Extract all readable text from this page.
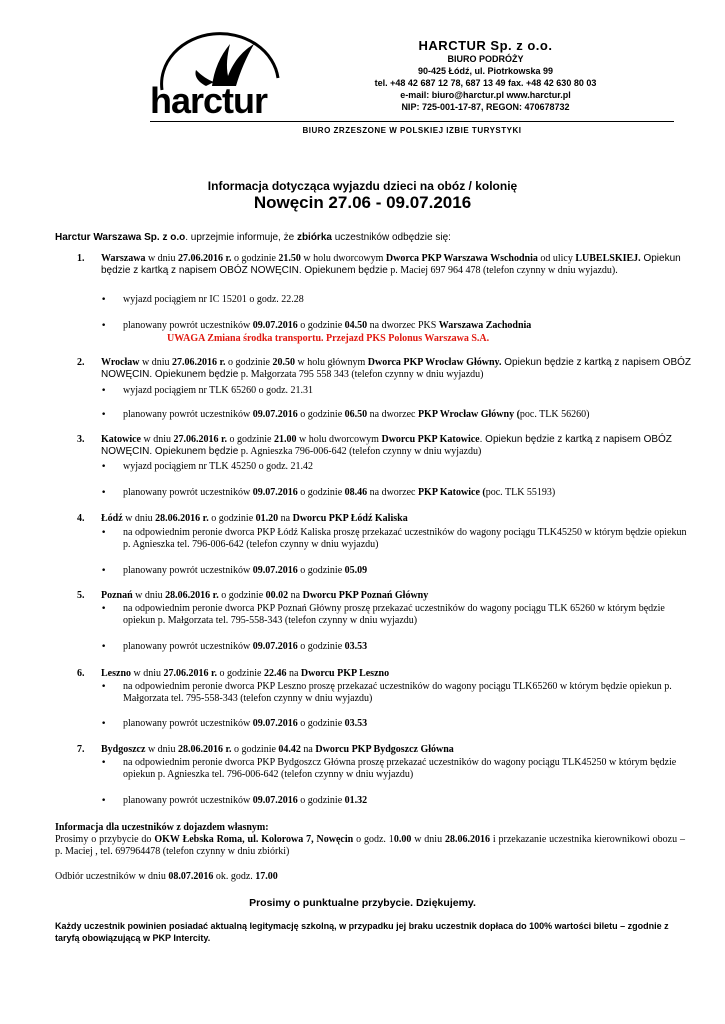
harctur
HARCTUR Sp. z o.o.
BIURO PODRÓŻY
90-425 Łódź, ul. Piotrkowska 99
tel. +48 42 687 12 78, 687 13 49 fax. +48 42 630 80 03
e-mail: biuro@harctur.pl www.harctur.pl
NIP: 725-001-17-87, REGON: 470678732
BIURO ZRZESZONE W POLSKIEJ IZBIE TURYSTYKI
Informacja dotycząca wyjazdu dzieci na obóz / kolonię
Nowęcin 27.06 - 09.07.2016
Harctur Warszawa Sp. z o.o. uprzejmie informuje, że zbiórka uczestników odbędzie się:
1. Warszawa w dniu 27.06.2016 r. o godzinie 21.50 w holu dworcowym Dworca PKP Warszawa Wschodnia od ulicy LUBELSKIEJ. Opiekun będzie z kartką z napisem OBÓZ NOWĘCIN. Opiekunem będzie p. Maciej 697 964 478 (telefon czynny w dniu wyjazdu).
• wyjazd pociągiem nr IC 15201 o godz. 22.28
• planowany powrót uczestników 09.07.2016 o godzinie 04.50 na dworzec PKS Warszawa Zachodnia
UWAGA Zmiana środka transportu. Przejazd PKS Polonus Warszawa S.A.
2. Wrocław w dniu 27.06.2016 r. o godzinie 20.50 w holu głównym Dworca PKP Wrocław Główny. Opiekun będzie z kartką z napisem OBÓZ NOWĘCIN. Opiekunem będzie p. Małgorzata 795 558 343 (telefon czynny w dniu wyjazdu)
• wyjazd pociągiem nr TLK 65260 o godz. 21.31
• planowany powrót uczestników 09.07.2016 o godzinie 06.50 na dworzec PKP Wrocław Główny (poc. TLK 56260)
3. Katowice w dniu 27.06.2016 r. o godzinie 21.00 w holu dworcowym Dworcu PKP Katowice. Opiekun będzie z kartką z napisem OBÓZ NOWĘCIN. Opiekunem będzie p. Agnieszka 796-006-642 (telefon czynny w dniu wyjazdu)
• wyjazd pociągiem nr TLK 45250 o godz. 21.42
• planowany powrót uczestników 09.07.2016 o godzinie 08.46 na dworzec PKP Katowice (poc. TLK 55193)
4. Łódź w dniu 28.06.2016 r. o godzinie 01.20 na Dworcu PKP Łódź Kaliska
• na odpowiednim peronie dworca PKP Łódź Kaliska proszę przekazać uczestników do wagony pociągu TLK45250 w którym będzie opiekun p. Agnieszka tel. 796-006-642 (telefon czynny w dniu wyjazdu)
• planowany powrót uczestników 09.07.2016 o godzinie 05.09
5. Poznań w dniu 28.06.2016 r. o godzinie 00.02 na Dworcu PKP Poznań Główny
• na odpowiednim peronie dworca PKP Poznań Główny proszę przekazać uczestników do wagony pociągu TLK 65260 w którym będzie opiekun p. Małgorzata tel. 795-558-343 (telefon czynny w dniu wyjazdu)
• planowany powrót uczestników 09.07.2016 o godzinie 03.53
6. Leszno w dniu 27.06.2016 r. o godzinie 22.46 na Dworcu PKP Leszno
• na odpowiednim peronie dworca PKP Leszno proszę przekazać uczestników do wagony pociągu TLK65260 w którym będzie opiekun p. Małgorzata tel. 795-558-343 (telefon czynny w dniu wyjazdu)
• planowany powrót uczestników 09.07.2016 o godzinie 03.53
7. Bydgoszcz w dniu 28.06.2016 r. o godzinie 04.42 na Dworcu PKP Bydgoszcz Główna
• na odpowiednim peronie dworca PKP Bydgoszcz Główna proszę przekazać uczestników do wagony pociągu TLK45250 w którym będzie opiekun p. Agnieszka tel. 796-006-642 (telefon czynny w dniu wyjazdu)
• planowany powrót uczestników 09.07.2016 o godzinie 01.32
Informacja dla uczestników z dojazdem własnym:
Prosimy o przybycie do OKW Łebska Roma, ul. Kolorowa 7, Nowęcin o godz. 10.00 w dniu 28.06.2016 i przekazanie uczestnika kierownikowi obozu – p. Maciej , tel. 697964478 (telefon czynny w dniu zbiórki)
Odbiór uczestników w dniu 08.07.2016 ok. godz. 17.00
Prosimy o punktualne przybycie. Dziękujemy.
Każdy uczestnik powinien posiadać aktualną legitymację szkolną, w przypadku jej braku uczestnik dopłaca do 100% wartości biletu – zgodnie z taryfą obowiązującą w PKP Intercity.
